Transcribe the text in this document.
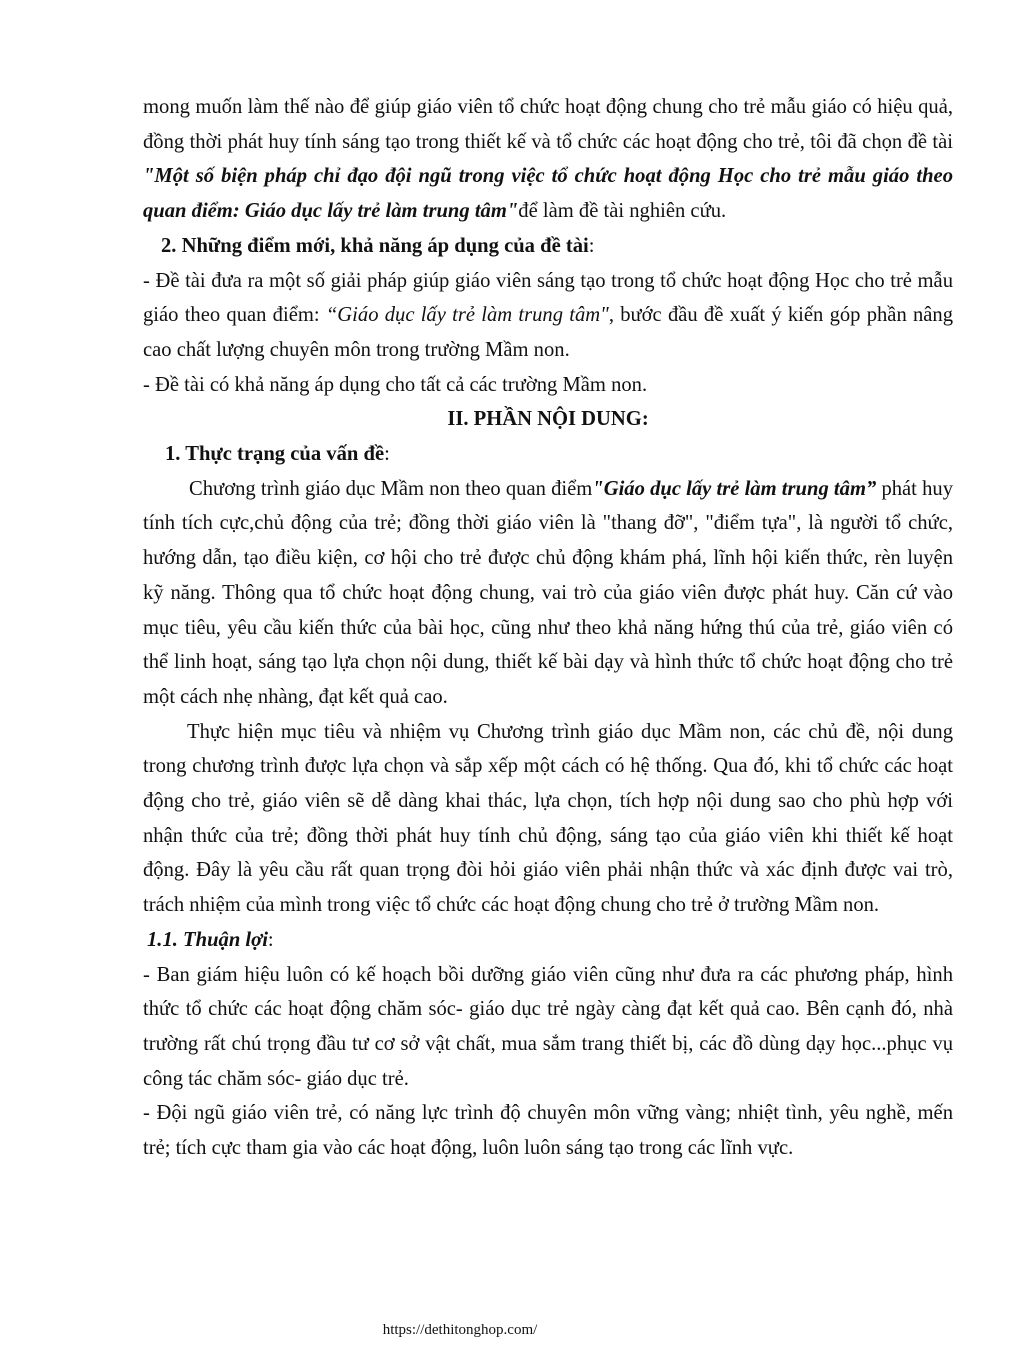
mong muốn làm thế nào để giúp giáo viên tổ chức hoạt động chung cho trẻ mẫu giáo có hiệu quả, đồng thời phát huy tính sáng tạo trong thiết kế và tổ chức các hoạt động cho trẻ, tôi đã chọn đề tài "Một số biện pháp chỉ đạo đội ngũ trong việc tổ chức hoạt động Học cho trẻ mẫu giáo theo quan điểm: Giáo dục lấy trẻ làm trung tâm"để làm đề tài nghiên cứu.

2. Những điểm mới, khả năng áp dụng của đề tài:

- Đề tài đưa ra một số giải pháp giúp giáo viên sáng tạo trong tổ chức hoạt động Học cho trẻ mẫu giáo theo quan điểm: “Giáo dục lấy trẻ làm trung tâm", bước đầu đề xuất ý kiến góp phần nâng cao chất lượng chuyên môn trong trường Mầm non.

- Đề tài có khả năng áp dụng cho tất cả các trường Mầm non.

II. PHẦN NỘI DUNG:

1. Thực trạng của vấn đề:

Chương trình giáo dục Mầm non theo quan điểm"Giáo dục lấy trẻ làm trung tâm” phát huy tính tích cực,chủ động của trẻ; đồng thời giáo viên là "thang đỡ", "điểm tựa", là người tổ chức, hướng dẫn, tạo điều kiện, cơ hội cho trẻ được chủ động khám phá, lĩnh hội kiến thức, rèn luyện kỹ năng. Thông qua tổ chức hoạt động chung, vai trò của giáo viên được phát huy. Căn cứ vào mục tiêu, yêu cầu kiến thức của bài học, cũng như theo khả năng hứng thú của trẻ, giáo viên có thể linh hoạt, sáng tạo lựa chọn nội dung, thiết kế bài dạy và hình thức tổ chức hoạt động cho trẻ một cách nhẹ nhàng, đạt kết quả cao.

Thực hiện mục tiêu và nhiệm vụ Chương trình giáo dục Mầm non, các chủ đề, nội dung trong chương trình được lựa chọn và sắp xếp một cách có hệ thống. Qua đó, khi tổ chức các hoạt động cho trẻ, giáo viên sẽ dễ dàng khai thác, lựa chọn, tích hợp nội dung sao cho phù hợp với nhận thức của trẻ; đồng thời phát huy tính chủ động, sáng tạo của giáo viên khi thiết kế hoạt động. Đây là yêu cầu rất quan trọng đòi hỏi giáo viên phải nhận thức và xác định được vai trò, trách nhiệm của mình trong việc tổ chức các hoạt động chung cho trẻ ở trường Mầm non.

1.1. Thuận lợi:

- Ban giám hiệu luôn có kế hoạch bồi dưỡng giáo viên cũng như đưa ra các phương pháp, hình thức tổ chức các hoạt động chăm sóc- giáo dục trẻ ngày càng đạt kết quả cao. Bên cạnh đó, nhà trường rất chú trọng đầu tư cơ sở vật chất, mua sắm trang thiết bị, các đồ dùng dạy học...phục vụ công tác chăm sóc- giáo dục trẻ.

- Đội ngũ giáo viên trẻ, có năng lực trình độ chuyên môn vững vàng; nhiệt tình, yêu nghề, mến trẻ; tích cực tham gia vào các hoạt động, luôn luôn sáng tạo trong các lĩnh vực.

https://dethitonghop.com/
